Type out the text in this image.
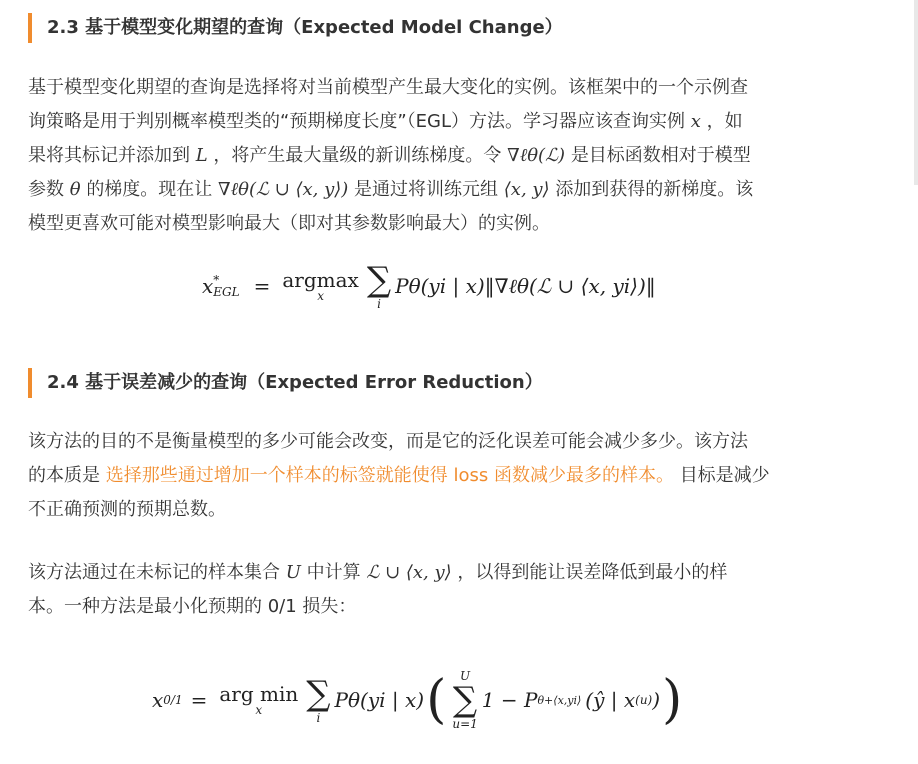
2.3 基于模型变化期望的查询（Expected Model Change）
基于模型变化期望的查询是选择将对当前模型产生最大变化的实例。该框架中的一个示例查
询策略是用于判别概率模型类的“预期梯度长度”（EGL）方法。学习器应该查询实例 x ，如
果将其标记并添加到 L ，将产生最大量级的新训练梯度。令 ∇ℓθ(ℒ) 是目标函数相对于模型
参数 θ 的梯度。现在让 ∇ℓθ(ℒ ∪ ⟨x, y⟩) 是通过将训练元组 ⟨x, y⟩ 添加到获得的新梯度。该
模型更喜欢可能对模型影响最大（即对其参数影响最大）的实例。
x *
EGL = argmax
x ∑
i
Pθ(yi | x)‖∇ℓθ(ℒ ∪ ⟨x, yi⟩)‖
2.4 基于误差减少的查询（Expected Error Reduction）
该方法的目的不是衡量模型的多少可能会改变，而是它的泛化误差可能会减少多少。该方法
的本质是 选择那些通过增加一个样本的标签就能使得 loss 函数减少最多的样本。 目标是减少
不正确预测的预期总数。
该方法通过在未标记的样本集合 U 中计算 ℒ ∪ ⟨x, y⟩ ，以得到能让误差降低到最小的样
本。一种方法是最小化预期的 0/1 损失：
x 0/1 = arg min
x ∑
i
Pθ(yi | x) ( U
∑
u=1
1 − P θ+⟨x,yi⟩ (ŷ | x (u) ) )
